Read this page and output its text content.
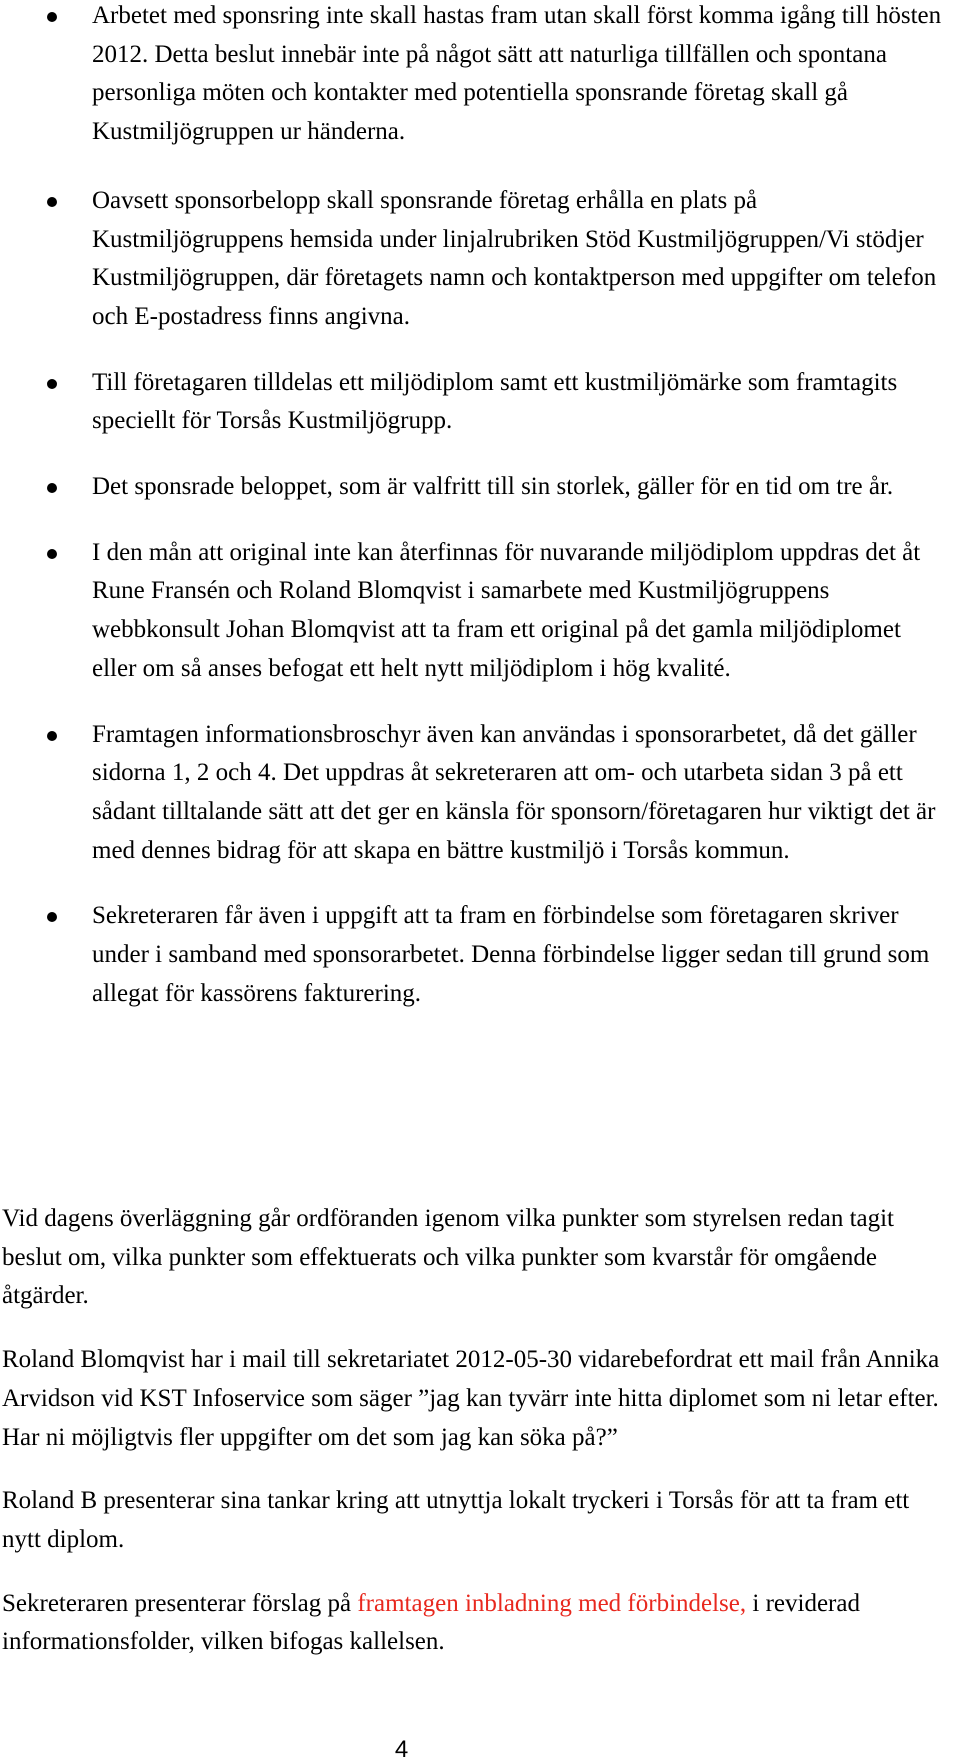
Arbetet med sponsring inte skall hastas fram utan skall först komma igång till hösten 2012. Detta beslut innebär inte på något sätt att naturliga tillfällen och spontana personliga möten och kontakter med potentiella sponsrande företag skall gå Kustmiljögruppen ur händerna.
Oavsett sponsorbelopp skall sponsrande företag erhålla en plats på Kustmiljögruppens hemsida under linjalrubriken Stöd Kustmiljögruppen/Vi stödjer Kustmiljögruppen, där företagets namn och kontaktperson med uppgifter om telefon och E-postadress finns angivna.
Till företagaren tilldelas ett miljödiplom samt ett kustmiljömärke som framtagits speciellt för Torsås Kustmiljögrupp.
Det sponsrade beloppet, som är valfritt till sin storlek, gäller för en tid om tre år.
I den mån att original inte kan återfinnas för nuvarande miljödiplom uppdras det åt Rune Fransén och Roland Blomqvist i samarbete med Kustmiljögruppens webbkonsult Johan Blomqvist att ta fram ett original på det gamla miljödiplomet eller om så anses befogat ett helt nytt miljödiplom i hög kvalité.
Framtagen informationsbroschyr även kan användas i sponsorarbetet, då det gäller sidorna 1, 2 och 4. Det uppdras åt sekreteraren att om- och utarbeta sidan 3 på ett sådant tilltalande sätt att det ger en känsla för sponsorn/företagaren hur viktigt det är med dennes bidrag för att skapa en bättre kustmiljö i Torsås kommun.
Sekreteraren får även i uppgift att ta fram en förbindelse som företagaren skriver under i samband med sponsorarbetet. Denna förbindelse ligger sedan till grund som allegat för kassörens fakturering.

Vid dagens överläggning går ordföranden igenom vilka punkter som styrelsen redan tagit beslut om, vilka punkter som effektuerats och vilka punkter som kvarstår för omgående åtgärder.

Roland Blomqvist har i mail till sekretariatet 2012-05-30 vidarebefordrat ett mail från Annika Arvidson vid KST Infoservice som säger ”jag kan tyvärr inte hitta diplomet som ni letar efter. Har ni möjligtvis fler uppgifter om det som jag kan söka på?”

Roland B presenterar sina tankar kring att utnyttja lokalt tryckeri i Torsås för att ta fram ett nytt diplom.

Sekreteraren presenterar förslag på framtagen inbladning med förbindelse, i reviderad informationsfolder, vilken bifogas kallelsen.

4
